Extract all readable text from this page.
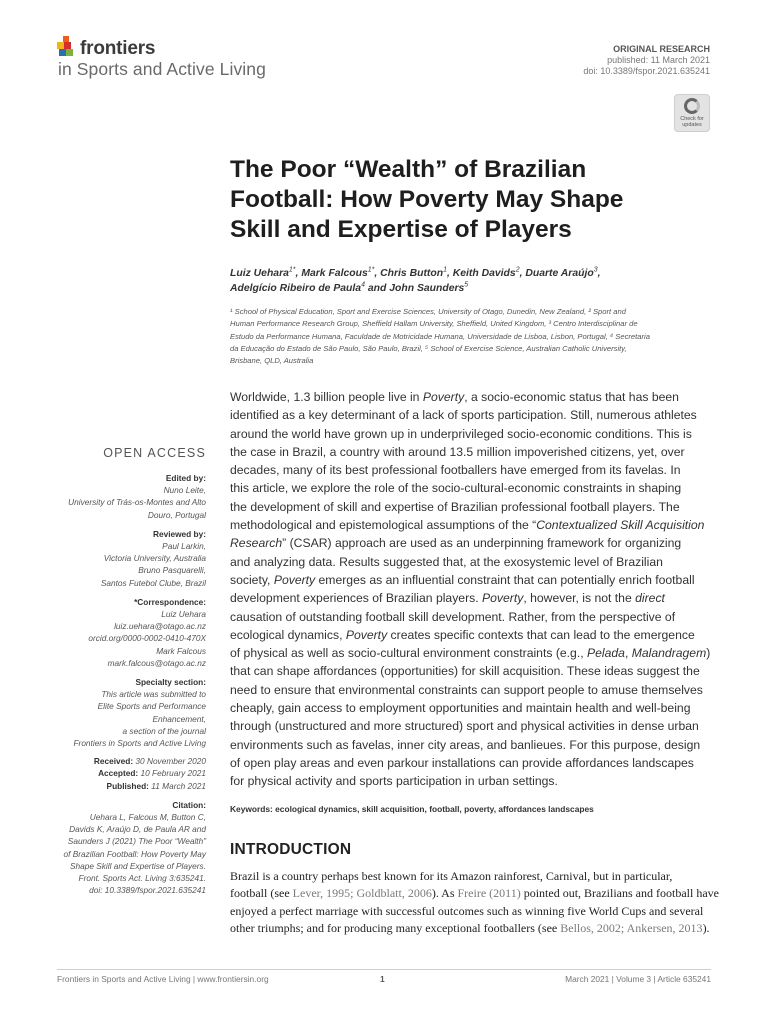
frontiers
in Sports and Active Living
ORIGINAL RESEARCH
published: 11 March 2021
doi: 10.3389/fspor.2021.635241
Check for updates
The Poor “Wealth” of Brazilian
Football: How Poverty May Shape
Skill and Expertise of Players
Luiz Uehara$^{1*}$, Mark Falcous$^{1*}$, Chris Button$^1$, Keith Davids$^2$, Duarte Araújo$^3$,
Adelgício Ribeiro de Paula$^4$ and John Saunders$^5$
¹ School of Physical Education, Sport and Exercise Sciences, University of Otago, Dunedin, New Zealand, ² Sport and
Human Performance Research Group, Sheffield Hallam University, Sheffield, United Kingdom, ³ Centro Interdisciplinar de
Estudo da Performance Humana, Faculdade de Motricidade Humana, Universidade de Lisboa, Lisbon, Portugal, ⁴ Secretaria
da Educação do Estado de São Paulo, São Paulo, Brazil, ⁵ School of Exercise Science, Australian Catholic University,
Brisbane, QLD, Australia
Worldwide, 1.3 billion people live in Poverty, a socio-economic status that has been
identified as a key determinant of a lack of sports participation. Still, numerous athletes
around the world have grown up in underprivileged socio-economic conditions. This is
the case in Brazil, a country with around 13.5 million impoverished citizens, yet, over
decades, many of its best professional footballers have emerged from its favelas. In
this article, we explore the role of the socio-cultural-economic constraints in shaping
the development of skill and expertise of Brazilian professional football players. The
methodological and epistemological assumptions of the “Contextualized Skill Acquisition
Research” (CSAR) approach are used as an underpinning framework for organizing
and analyzing data. Results suggested that, at the exosystemic level of Brazilian
society, Poverty emerges as an influential constraint that can potentially enrich football
development experiences of Brazilian players. Poverty, however, is not the direct
causation of outstanding football skill development. Rather, from the perspective of
ecological dynamics, Poverty creates specific contexts that can lead to the emergence
of physical as well as socio-cultural environment constraints (e.g., Pelada, Malandragem)
that can shape affordances (opportunities) for skill acquisition. These ideas suggest the
need to ensure that environmental constraints can support people to amuse themselves
cheaply, gain access to employment opportunities and maintain health and well-being
through (unstructured and more structured) sport and physical activities in dense urban
environments such as favelas, inner city areas, and banlieues. For this purpose, design
of open play areas and even parkour installations can provide affordances landscapes
for physical activity and sports participation in urban settings.
Keywords: ecological dynamics, skill acquisition, football, poverty, affordances landscapes
INTRODUCTION
Brazil is a country perhaps best known for its Amazon rainforest, Carnival, but in particular,
football (see Lever, 1995; Goldblatt, 2006). As Freire (2011) pointed out, Brazilians and football have
enjoyed a perfect marriage with successful outcomes such as winning five World Cups and several
other triumphs; and for producing many exceptional footballers (see Bellos, 2002; Ankersen, 2013).
OPEN ACCESS
Edited by:
Nuno Leite,
University of Trás-os-Montes and Alto
Douro, Portugal
Reviewed by:
Paul Larkin,
Victoria University, Australia
Bruno Pasquarelli,
Santos Futebol Clube, Brazil
*Correspondence:
Luiz Uehara
luiz.uehara@otago.ac.nz
orcid.org/0000-0002-0410-470X
Mark Falcous
mark.falcous@otago.ac.nz
Specialty section:
This article was submitted to
Elite Sports and Performance
Enhancement,
a section of the journal
Frontiers in Sports and Active Living
Received: 30 November 2020
Accepted: 10 February 2021
Published: 11 March 2021
Citation:
Uehara L, Falcous M, Button C,
Davids K, Araújo D, de Paula AR and
Saunders J (2021) The Poor “Wealth”
of Brazilian Football: How Poverty May
Shape Skill and Expertise of Players.
Front. Sports Act. Living 3:635241.
doi: 10.3389/fspor.2021.635241
Frontiers in Sports and Active Living | www.frontiersin.org	1	March 2021 | Volume 3 | Article 635241
